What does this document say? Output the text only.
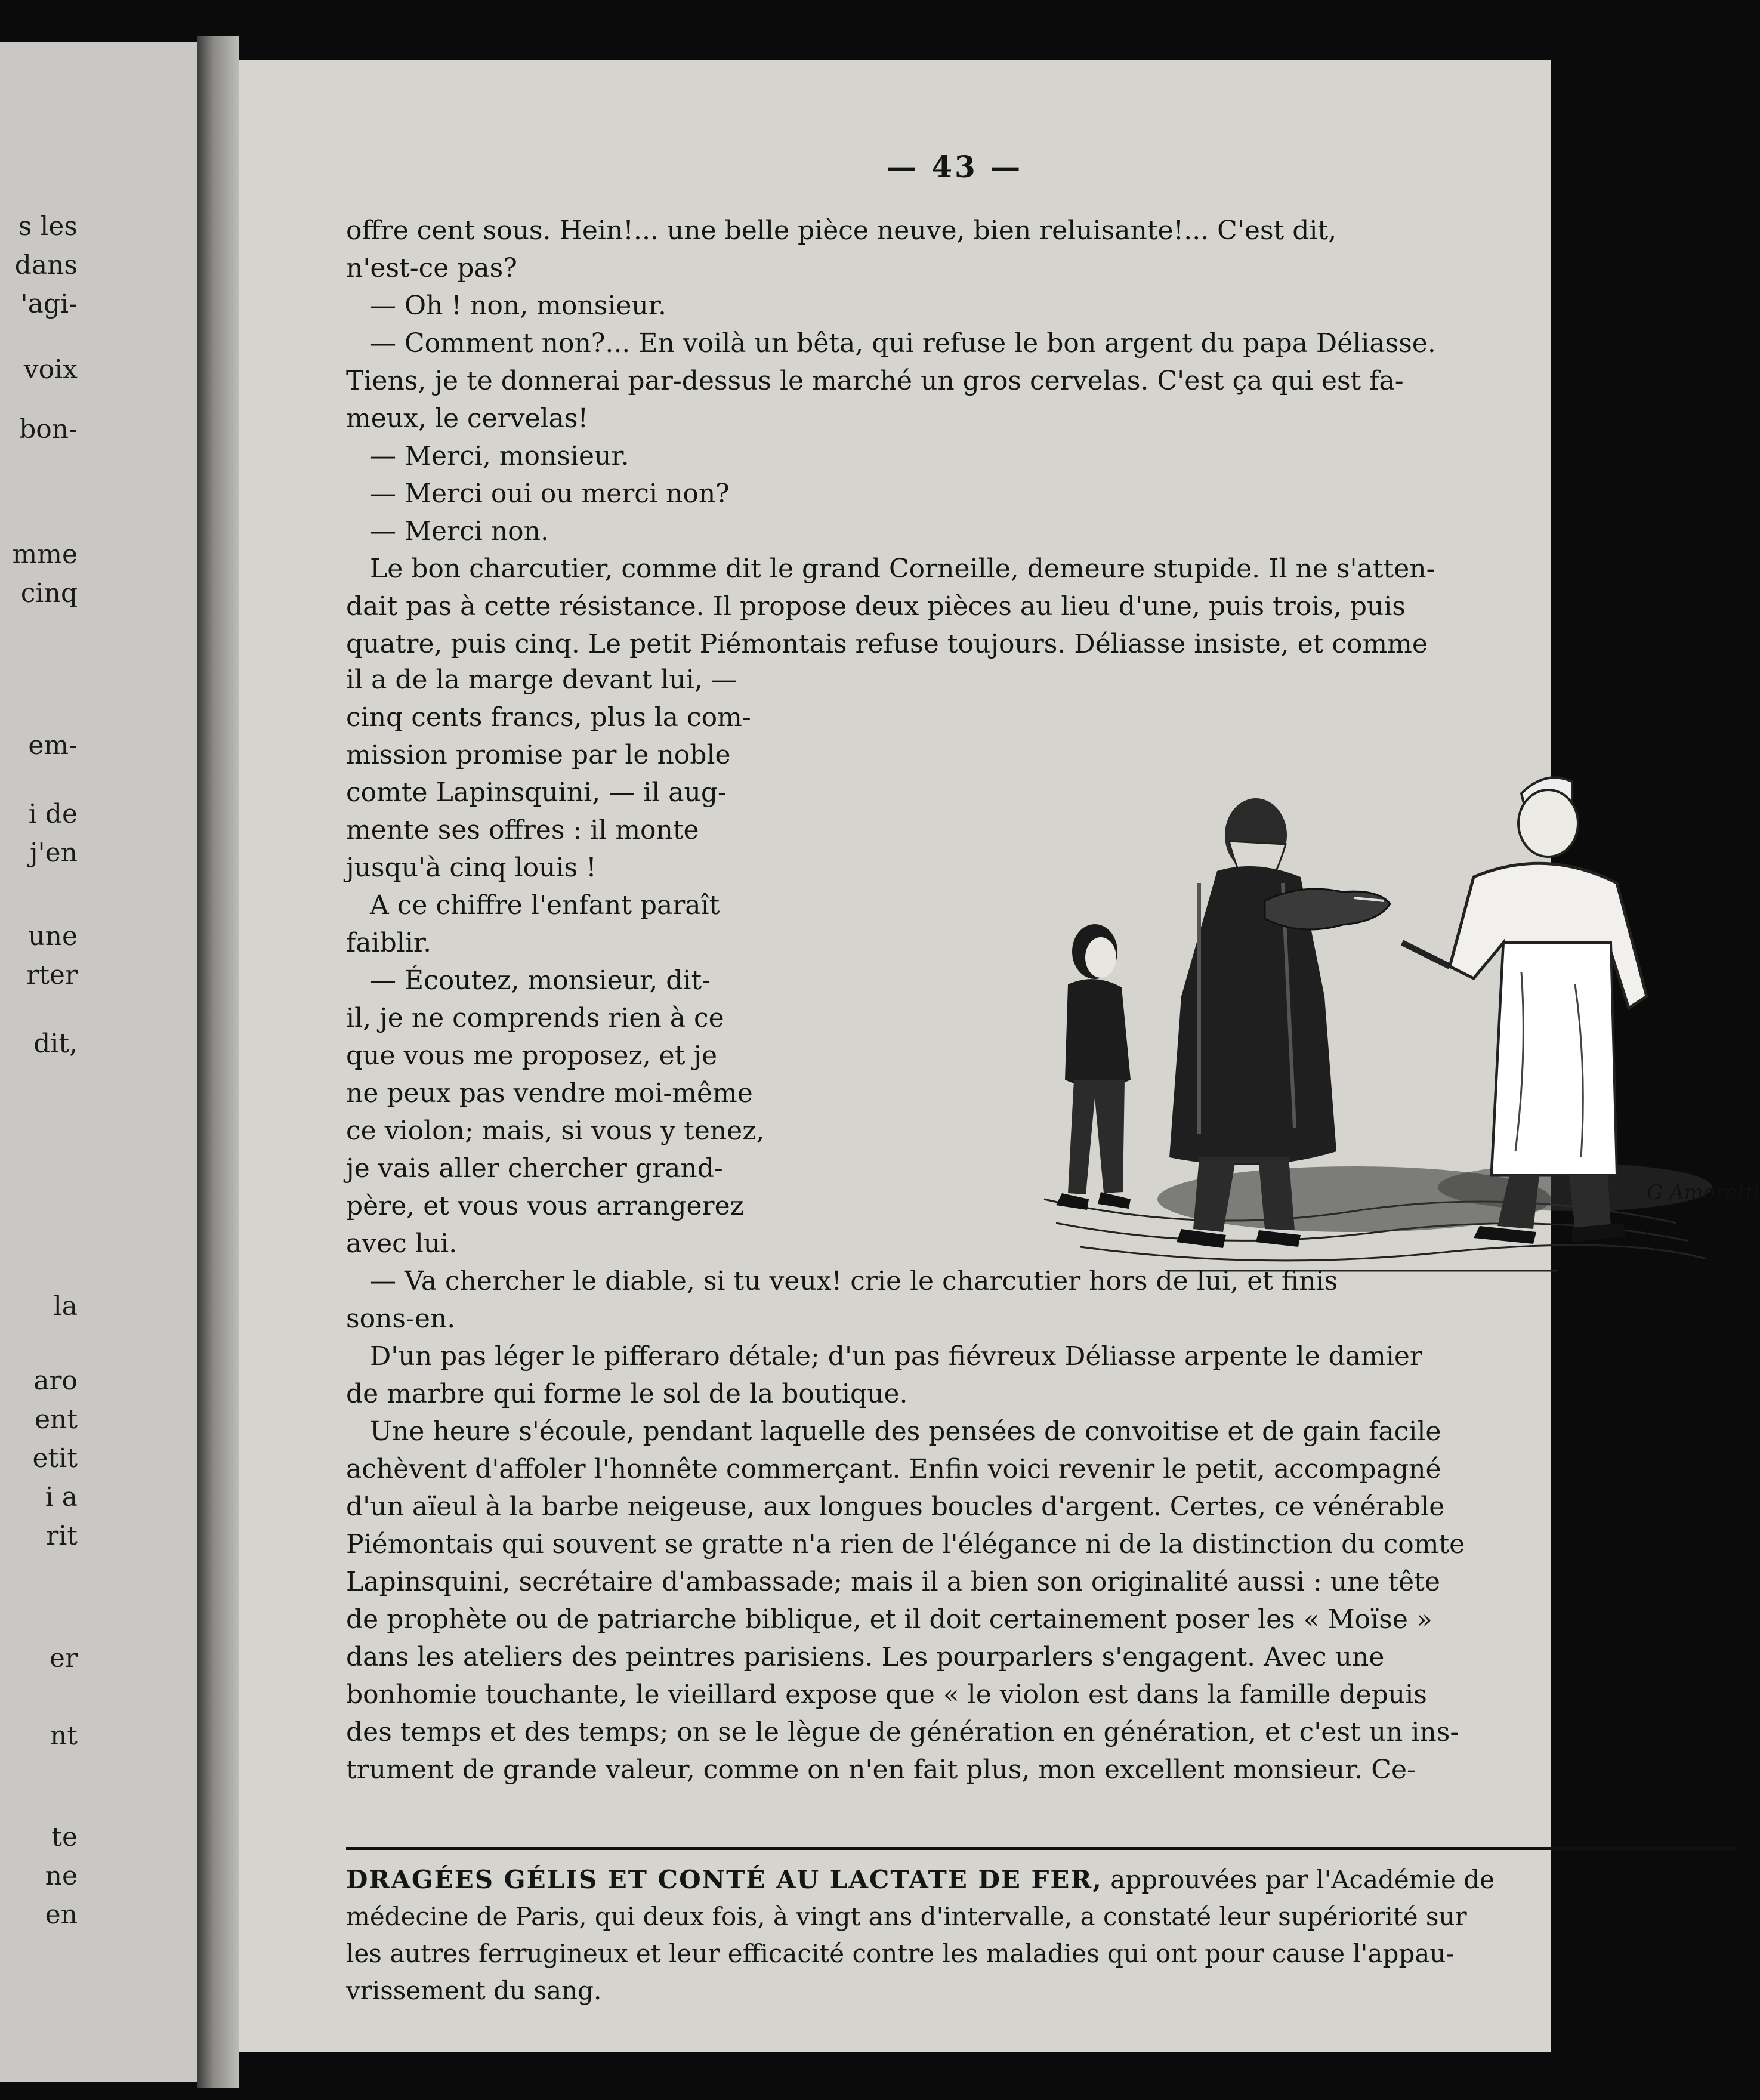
s les
dans
'agi-
voix
bon-
mme
cinq
em-
i de
j'en
une
rter
dit,
la
aro
ent
etit
i a
rit
er
nt
te
ne
en
— 43 —
offre cent sous. Hein!... une belle pièce neuve, bien reluisante!... C'est dit,
n'est-ce pas?
— Oh ! non, monsieur.
— Comment non?... En voilà un bêta, qui refuse le bon argent du papa Déliasse.
Tiens, je te donnerai par-dessus le marché un gros cervelas. C'est ça qui est fa-
meux, le cervelas!
— Merci, monsieur.
— Merci oui ou merci non?
— Merci non.
Le bon charcutier, comme dit le grand Corneille, demeure stupide. Il ne s'atten-
dait pas à cette résistance. Il propose deux pièces au lieu d'une, puis trois, puis
quatre, puis cinq. Le petit Piémontais refuse toujours. Déliasse insiste, et comme
il a de la marge devant lui, —
cinq cents francs, plus la com-
mission promise par le noble
comte Lapinsquini, — il aug-
mente ses offres : il monte
jusqu'à cinq louis !
A ce chiffre l'enfant paraît
faiblir.
— Écoutez, monsieur, dit-
il, je ne comprends rien à ce
que vous me proposez, et je
ne peux pas vendre moi-même
ce violon; mais, si vous y tenez,
je vais aller chercher grand-
père, et vous vous arrangerez
avec lui.
G Amoretti
— Va chercher le diable, si tu veux! crie le charcutier hors de lui, et finis
sons-en.
D'un pas léger le pifferaro détale; d'un pas fiévreux Déliasse arpente le damier
de marbre qui forme le sol de la boutique.
Une heure s'écoule, pendant laquelle des pensées de convoitise et de gain facile
achèvent d'affoler l'honnête commerçant. Enfin voici revenir le petit, accompagné
d'un aïeul à la barbe neigeuse, aux longues boucles d'argent. Certes, ce vénérable
Piémontais qui souvent se gratte n'a rien de l'élégance ni de la distinction du comte
Lapinsquini, secrétaire d'ambassade; mais il a bien son originalité aussi : une tête
de prophète ou de patriarche biblique, et il doit certainement poser les « Moïse »
dans les ateliers des peintres parisiens. Les pourparlers s'engagent. Avec une
bonhomie touchante, le vieillard expose que « le violon est dans la famille depuis
des temps et des temps; on se le lègue de génération en génération, et c'est un ins-
trument de grande valeur, comme on n'en fait plus, mon excellent monsieur. Ce-
DRAGÉES GÉLIS ET CONTÉ AU LACTATE DE FER, approuvées par l'Académie de
médecine de Paris, qui deux fois, à vingt ans d'intervalle, a constaté leur supériorité sur
les autres ferrugineux et leur efficacité contre les maladies qui ont pour cause l'appau-
vrissement du sang.
